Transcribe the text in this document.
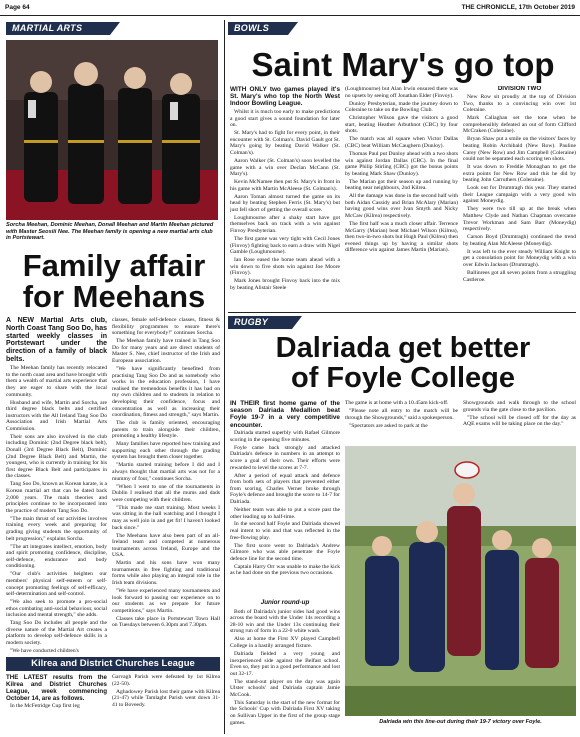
Page 64	THE CHRONICLE, 17th October 2019
MARTIAL ARTS
Sorcha Meehan, Dominic Meehan, Donall Meehan and Martin Meehan pictured with Master Seosiii Nee. The Meehan family is opening a new martial arts club in Portstewart.
Family affair
for Meehans

A NEW Martial Arts club, North Coast Tang Soo Do, has started weekly classes in Portstewart under the direction of a family of black belts.

The Meehan family has recently relocated to the north coast area and have brought with them a wealth of martial arts experience that they are eager to share with the local community.

Husband and wife, Martin and Sorcha, are third degree black belts and certified instructors with the All Ireland Tang Soo Do Association and Irish Martial Arts Commission.

Their sons are also involved in the club including Dominic (2nd Degree black belt), Donall (3rd Degree Black Belt), Dominic (2nd Degree Black Belt) and Martin, the youngest, who is currently in training for his first degree Black Belt and participates in the classes.

Tang Soo Do, known as Korean karate, is a Korean martial art that can be dated back 2,000 years. The main theories and principles continue to be incorporated into the practice of modern Tang Soo Do.

"The main thrust of our activities involves training every week and preparing for grading giving students the opportunity of belt progression," explains Sorcha.

"The art integrates intellect, emotion, body and spirit promoting confidence, discipline, self-defence, endurance and body conditioning.

"Our club's activities heighten our members' physical self-esteem or self-concept promoting feelings of self-efficacy, self-determination and self-control.

"We also seek to promote a pro-social ethos combating anti-social behaviour, social inclusion and mental strength," she adds.

Tang Soo Do includes all people and the diverse nature of the Martial Art creates a platform to develop self-defence skills in a modern society.

"We have conducted children's

classes, female self-defence classes, fitness & flexibility programmes to ensure there's something for everybody!" continues Sorcha.

The Meehan family have trained in Tang Soo Do for many years and are direct students of Master S. Nee, chief instructor of the Irish and European association.

"We have significantly benefited from practising Tang Soo Do and as somebody who works in the education profession, I have realised the tremendous benefits it has had on my own children and to students in relation to developing their confidence, focus and concentration as well as increasing their coordination, fitness and strength," says Martin.

The club is family oriented, encouraging parents to train alongside their children, promoting a healthy lifestyle.

Many families have reported how training and supporting each other through the grading system has brought them closer together.

"Martin started training before I did and I always thought that martial arts was not for a mummy of four," continues Sorcha.

"When I went to one of the tournaments in Dublin I realised that all the mums and dads were competing with their children.

"This made me start training. Most weeks I was sitting in the hall watching and I thought I may as well join in and get fit! I haven't looked back since."

The Meehans have also been part of an all-Ireland team and competed at numerous tournaments across Ireland, Europe and the USA.

Martin and his sons have won many tournaments in free fighting and traditional forms while also playing an integral role in the Irish team divisions.

"We have experienced many tournaments and look forward to passing our experience on to our students as we prepare for future competitions," says Martin.

Classes take place in Portstewart Town Hall on Tuesdays between 6.30pm and 7.30pm.

Kilrea and District Churches League

THE LATEST results from the Kilrea and District Churches League, week commencing October 14, are as follows.

In the McFetridge Cup first leg

Garvagh Parish were defeated by 1st Kilrea (22-50).

Aghadowey Parish lost their game with Kilrea (21-47) while Tamlaght Parish went down 31-41 to Boveedy.

BOWLS
Saint Mary's go top

WITH ONLY two games played it's St. Mary's who top the North West Indoor Bowling League.

Whilst it is much too early to make predictions a good start gives a sound foundation for later on.

St. Mary's had to fight for every point, in their encounter with St. Colman's. David Gault got St. Mary's going by beating David Walker (St. Colman's).

Aaron Walker (St. Colman's) soon levelled the game with a win over Declan McCann (St. Mary's).

Kevin McNamee then put St. Mary's in front in his game with Martin McAleese (St. Colman's).

Aaron Toman almost turned the game on its head by beating Stephen Ferris (St. Mary's) but just fell short of getting the overall score.

Loughmourne after a shaky start have got themselves back on track with a win against Finvoy Presbyterian.

The first game was very tight with Cecil Jones (Finvoy) fighting back to earn a draw with Nigel Gamble (Loughmourne).

Ian Rose eased the home team ahead with a win down to five shots win against Joe Moore (Finvoy).

Mark Jones brought Finvoy back into the mix by beating Alistair Steele

(Loughmourne) but Alan Irwin ensured there was no upsets by seeing off Jonathan Elder (Finvoy).

Dunloy Presbyterian, made the journey down to Coleraine to take on the Bowling Club.

Christopher Wilson gave the visitors a good start, beating Heather Arbuthnot (CBC) by four shots.

The match was all square when Victor Dallas (CBC) beat William McCaughern (Dunloy).

Thomas Paul put Dunloy ahead with a two shots win against Jordan Dallas (CBC). In the final game Philip Stirling (CBC) got the bonus points by beating Mark Shaw (Dunloy).

The Marian got their season up and running by beating near neighbours, 2nd Kilrea.

All the damage was done in the second half with both Aidan Cassidy and Brian McAlary (Marian) having good wins over Ivan Smyth and Nicky McCaw (Kilrea) respectively.

The first half was a much closer affair. Terrence McGarry (Marian) beat Michael Wilson (Kilrea), then two-in-two shots but Hugh Paul (Kilrea) then evened things up by having a similar shots difference win against James Martin (Marian).

DIVISION TWO

New Row sit proudly at the top of Division Two, thanks to a convincing win over 1st Coleraine.

Mark Callaghan set the tone when he comprehensibly defeated an out of form Clifford McCraken (Coleraine).

Bryan Shaw put a smile on the visitors' faces by beating Robin Archibald (New Row). Pauline Carey (New Row) and Jim Campbell (Coleraine) could not be separated each scoring ten shots.

It was down to Freddie Monaghan to get the extra points for New Row and this he did by beating John Carruthers (Coleraine).

Look out for Drumtragh this year. They started their League campaign with a very good win against Moneydig.

They were two till up at the break when Matthew Clyde and Nathan Chapman overcame Trevor Workman and Sam Barr (Moneydig) respectively.

Carson Boyd (Drumtragh) continued the trend by beating Alan McAleese (Moneydig).

It was left to the ever steady William Knight to get a consolation point for Moneydig with a win over Edwin Jackson (Drumtragh).

Ballinrees got all seven points from a struggling Castleroe.

RUGBY
Dalriada get better
of Foyle College

IN THEIR first home game of the season Dalriada Medallion beat Foyle 19-7 in a very competitive encounter.

Dalriada started superbly with Rafael Gilmore scoring in the opening five minutes.

Foyle came back strongly and attacked Dalriada's defence in numbers in an attempt to score a goal of their own. Their efforts were rewarded to level the scores at 7-7.

After a period of equal attack and defence from both sets of players that prevented either from scoring, Charles Verner broke through Foyle's defence and brought the score to 14-7 for Dalriada.

Neither team was able to put a score past the other leading up to half-time.

In the second half Foyle and Dalriada showed real intent to win and that was reflected in the free-flowing play.

The first score went to Dalriada's Andrew Gilmore who was able penetrate the Foyle defence line for the second time.

Captain Harry Orr was unable to make the kick as he had done on the previous two occasions.

The game is at home with a 10.45am kick-off.

"Please note all entry to the match will be through the Showgrounds," said a spokesperson.

"Spectators are asked to park at the

Showgrounds and walk through to the school grounds via the gate close to the pavilion.

"The school will be closed off for the day as AQE exams will be taking place on the day."

Dalriada win this line-out during their 19-7 victory over Foyle.
Junior round-up

Both of Dalriada's junior sides had good wins across the board with the Under 14s recording a 28-10 win and the Under 13s continuing their strong run of form in a 22-0 white wash.

Also at home the First XV played Campbell College in a hastily arranged fixture.

Dalriada fielded a very young and inexperienced side against the Belfast school. Even so, they put in a good performance and lost out 32-17.

The stand-out player on the day was again Ulster schools' and Dalriada captain Jamie McCook.

This Saturday is the start of the new format for the Schools' Cup with Dalriada First XV taking on Sullivan Upper in the first of the group stage games.
